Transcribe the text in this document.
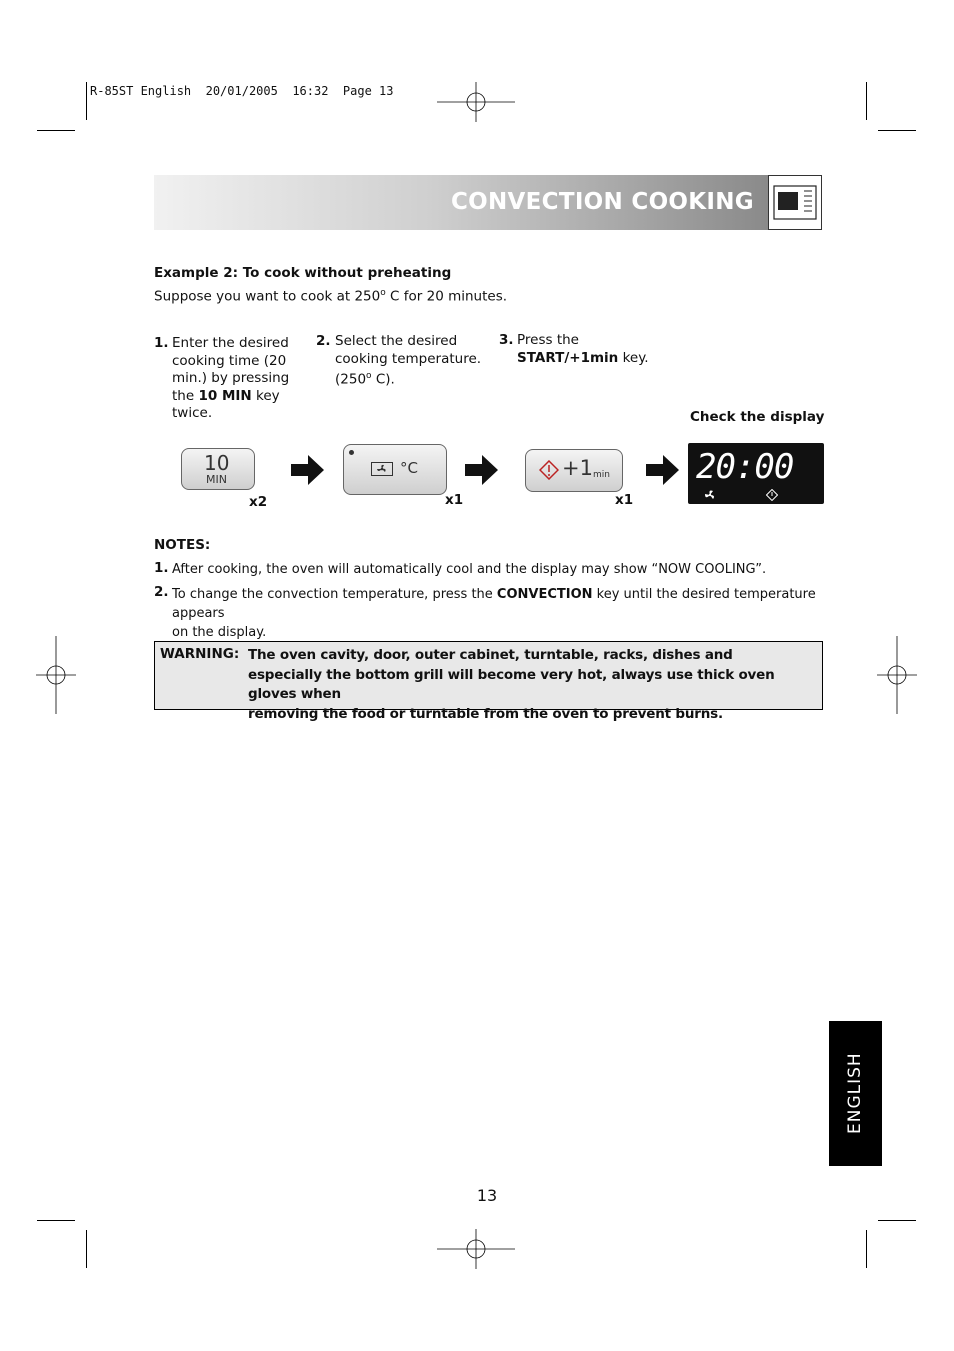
R-85ST English 20/01/2005 16:32 Page 13
CONVECTION COOKING
Example 2: To cook without preheating
Suppose you want to cook at 250$^o$ C for 20 minutes.
1. Enter the desired
cooking time (20
min.) by pressing
the 10 MIN key
twice.
2. Select the desired
cooking temperature.
(250$^o$ C).
3. Press the
START/+1min key.
Check the display
10
MIN
x2
°C
x1
+1 min
x1
20:00
NOTES:
1. After cooking, the oven will automatically cool and the display may show “NOW COOLING”.
2. To change the convection temperature, press the CONVECTION key until the desired temperature appears
on the display.
WARNING: The oven cavity, door, outer cabinet, turntable, racks, dishes and
especially the bottom grill will become very hot, always use thick oven gloves when
removing the food or turntable from the oven to prevent burns.
ENGLISH
13
